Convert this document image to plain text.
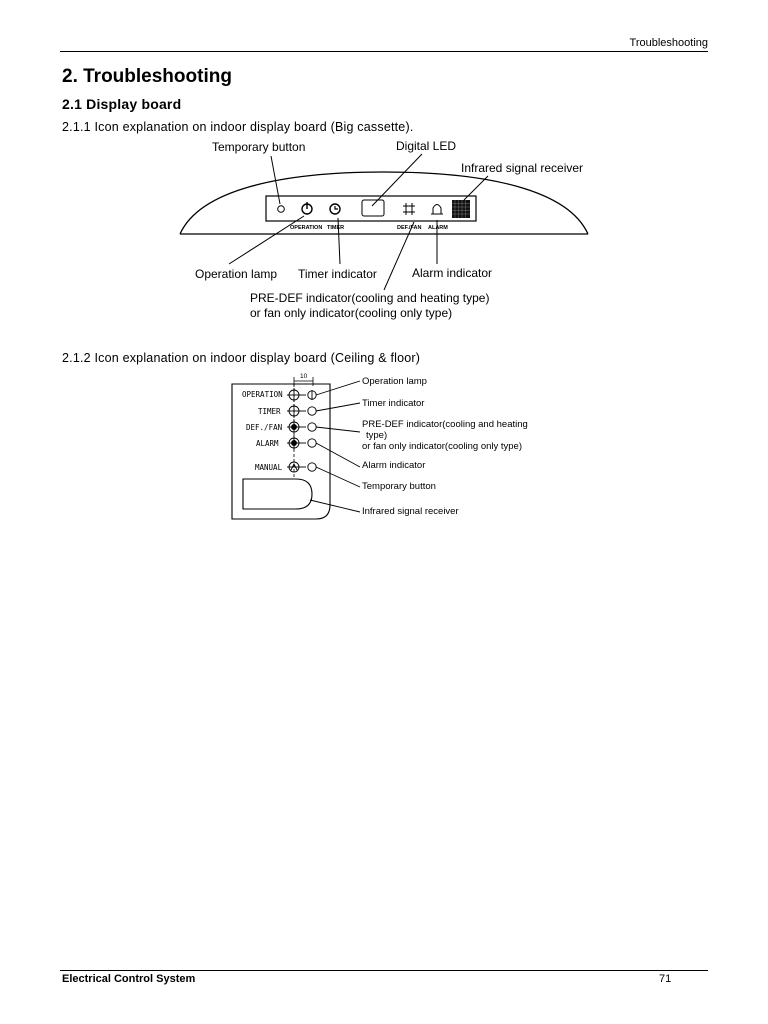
Troubleshooting
2. Troubleshooting
2.1 Display board
2.1.1 Icon explanation on indoor display board (Big cassette).
OPERATION TIMER	DEF./FAN ALARM
Temporary button	Digital LED
Infrared signal receiver
Operation lamp Timer indicator	Alarm indicator
PRE-DEF indicator(cooling and heating type)
or fan only indicator(cooling only type)
2.1.2 Icon explanation on indoor display board (Ceiling & floor)
10
OPERATION
TIMER
DEF./FAN
ALARM
MANUAL
Operation lamp
Timer indicator
PRE-DEF indicator(cooling and heating
type)
or fan only indicator(cooling only type)
Alarm indicator
Temporary button
Infrared signal receiver
Electrical Control System	71
